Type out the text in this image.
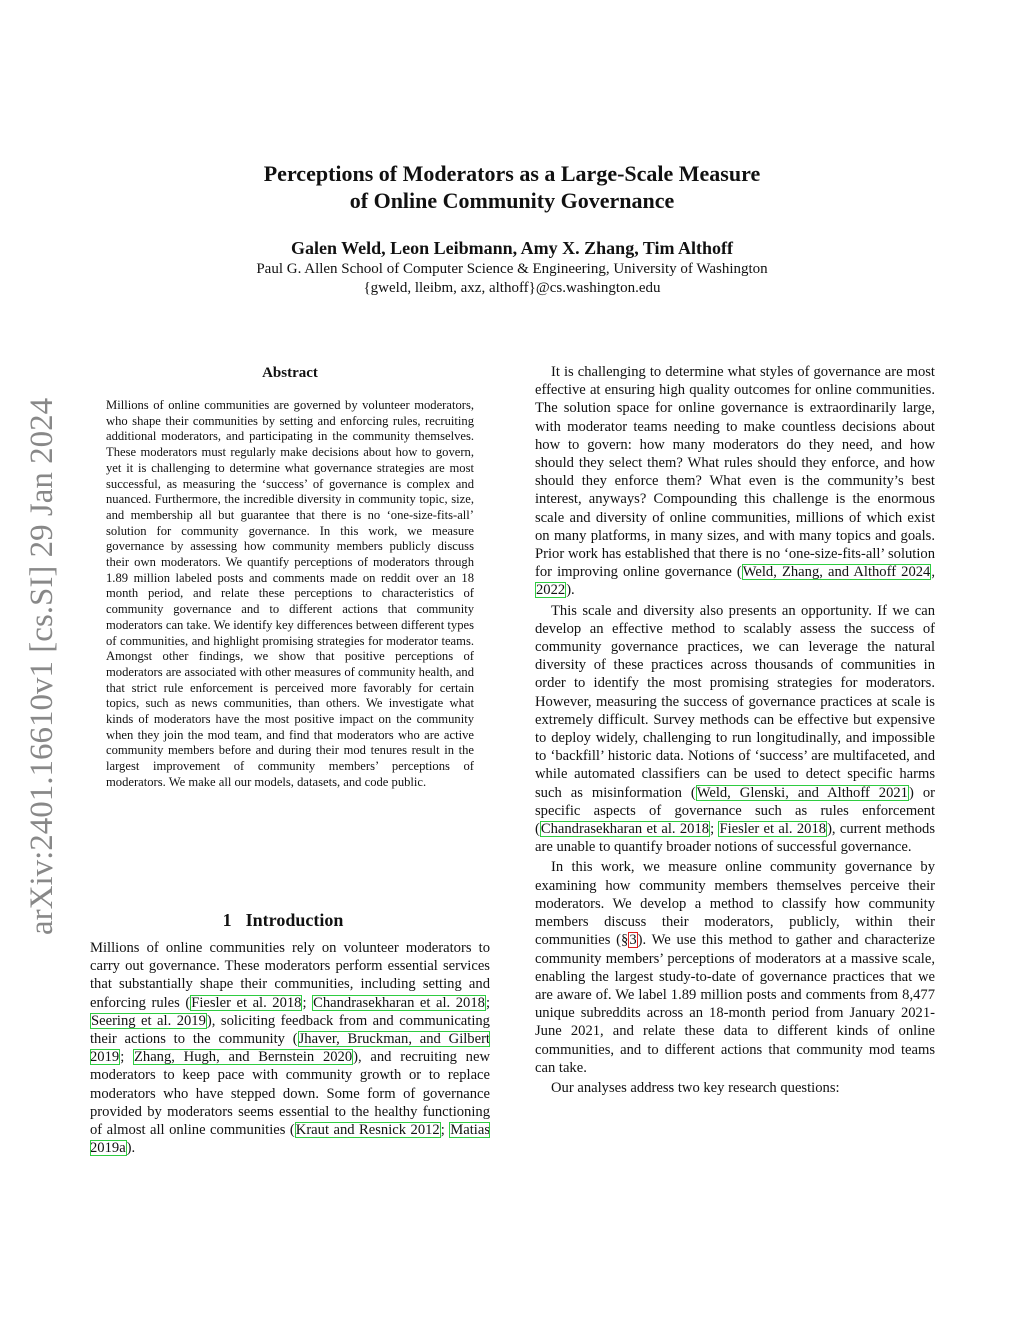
Perceptions of Moderators as a Large-Scale Measure
of Online Community Governance
Galen Weld, Leon Leibmann, Amy X. Zhang, Tim Althoff
Paul G. Allen School of Computer Science & Engineering, University of Washington
{gweld, lleibm, axz, althoff}@cs.washington.edu
arXiv:2401.16610v1 [cs.SI] 29 Jan 2024
Abstract
Millions of online communities are governed by volunteer moderators, who shape their communities by setting and enforcing rules, recruiting additional moderators, and participating in the community themselves. These moderators must regularly make decisions about how to govern, yet it is challenging to determine what governance strategies are most successful, as measuring the ‘success’ of governance is complex and nuanced. Furthermore, the incredible diversity in community topic, size, and membership all but guarantee that there is no ‘one-size-fits-all’ solution for community governance. In this work, we measure governance by assessing how community members publicly discuss their own moderators. We quantify perceptions of moderators through 1.89 million labeled posts and comments made on reddit over an 18 month period, and relate these perceptions to characteristics of community governance and to different actions that community moderators can take. We identify key differences between different types of communities, and highlight promising strategies for moderator teams. Amongst other findings, we show that positive perceptions of moderators are associated with other measures of community health, and that strict rule enforcement is perceived more favorably for certain topics, such as news communities, than others. We investigate what kinds of moderators have the most positive impact on the community when they join the mod team, and find that moderators who are active community members before and during their mod tenures result in the largest improvement of community members’ perceptions of moderators. We make all our models, datasets, and code public.
1 Introduction

Millions of online communities rely on volunteer moderators to carry out governance. These moderators perform essential services that substantially shape their communities, including setting and enforcing rules (Fiesler et al. 2018; Chandrasekharan et al. 2018; Seering et al. 2019), soliciting feedback from and communicating their actions to the community (Jhaver, Bruckman, and Gilbert 2019; Zhang, Hugh, and Bernstein 2020), and recruiting new moderators to keep pace with community growth or to replace moderators who have stepped down. Some form of governance provided by moderators seems essential to the healthy functioning of almost all online communities (Kraut and Resnick 2012; Matias 2019a).

It is challenging to determine what styles of governance are most effective at ensuring high quality outcomes for online communities. The solution space for online governance is extraordinarily large, with moderator teams needing to make countless decisions about how to govern: how many moderators do they need, and how should they select them? What rules should they enforce, and how should they enforce them? What even is the community’s best interest, anyways? Compounding this challenge is the enormous scale and diversity of online communities, millions of which exist on many platforms, in many sizes, and with many topics and goals. Prior work has established that there is no ‘one-size-fits-all’ solution for improving online governance (Weld, Zhang, and Althoff 2024, 2022).

This scale and diversity also presents an opportunity. If we can develop an effective method to scalably assess the success of community governance practices, we can leverage the natural diversity of these practices across thousands of communities in order to identify the most promising strategies for moderators. However, measuring the success of governance practices at scale is extremely difficult. Survey methods can be effective but expensive to deploy widely, challenging to run longitudinally, and impossible to ‘backfill’ historic data. Notions of ‘success’ are multifaceted, and while automated classifiers can be used to detect specific harms such as misinformation (Weld, Glenski, and Althoff 2021) or specific aspects of governance such as rules enforcement (Chandrasekharan et al. 2018; Fiesler et al. 2018), current methods are unable to quantify broader notions of successful governance.

In this work, we measure online community governance by examining how community members themselves perceive their moderators. We develop a method to classify how community members discuss their moderators, publicly, within their communities (§3). We use this method to gather and characterize community members’ perceptions of moderators at a massive scale, enabling the largest study-to-date of governance practices that we are aware of. We label 1.89 million posts and comments from 8,477 unique subreddits across an 18-month period from January 2021-June 2021, and relate these data to different kinds of online communities, and to different actions that community mod teams can take.

Our analyses address two key research questions:
